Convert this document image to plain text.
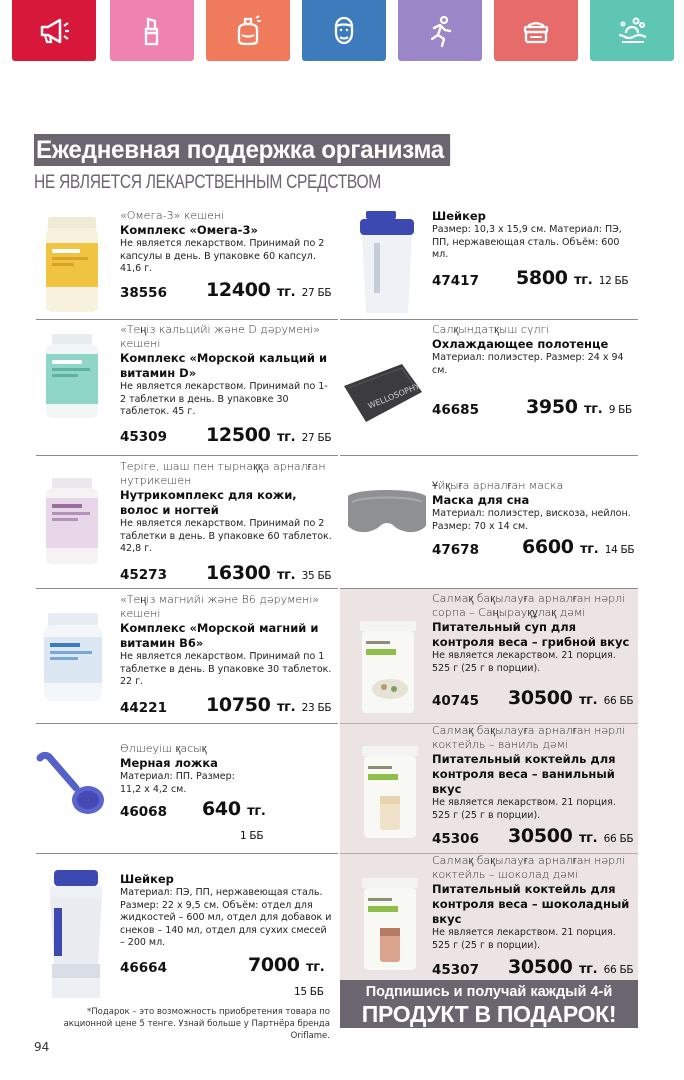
Ежедневная поддержка организма
НЕ ЯВЛЯЕТСЯ ЛЕКАРСТВЕННЫМ СРЕДСТВОМ
«Омега-3» кешені
Комплекс «Омега-3»
Не является лекарством. Принимай по 2 капсулы в день. В упаковке 60 капсул. 41,6 г.
38556 12400 тг. 27 ББ
«Теңіз кальцийі және D дәрумені» кешені
Комплекс «Морской кальций и витамин D»
Не является лекарством. Принимай по 1-2 таблетки в день. В упаковке 30 таблеток. 45 г.
45309 12500 тг. 27 ББ
Теріге, шаш пен тырнаққа арналған нутрикешен
Нутрикомплекс для кожи, волос и ногтей
Не является лекарством. Принимай по 2 таблетки в день. В упаковке 60 таблеток. 42,8 г.
45273 16300 тг. 35 ББ
«Теңіз магнийі және B6 дәрумені» кешені
Комплекс «Морской магний и витамин B6»
Не является лекарством. Принимай по 1 таблетке в день. В упаковке 30 таблеток. 22 г.
44221 10750 тг. 23 ББ
Өлшеуіш қасық
Мерная ложка
Материал: ПП. Размер: 11,2 x 4,2 см.
46068 640 тг.
1 ББ
Шейкер
Материал: ПЭ, ПП, нержавеющая сталь. Размер: 22 x 9,5 см. Объём: отдел для жидкостей – 600 мл, отдел для добавок и снеков – 140 мл, отдел для сухих смесей – 200 мл.
46664	7000 тг.
15 ББ
Шейкер
Размер: 10,3 x 15,9 см. Материал: ПЭ, ПП, нержавеющая сталь. Объём: 600 мл.
47417 5800 тг. 12 ББ
WELLOSOPHY
Салқындатқыш сүлгі
Охлаждающее полотенце
Материал: полиэстер. Размер: 24 x 94 см.
46685 3950 тг. 9 ББ
Ұйқыға арналған маска
Маска для сна
Материал: полиэстер, вискоза, нейлон. Размер: 70 x 14 см.
47678 6600 тг. 14 ББ
Салмақ бақылауға арналған нәрлі сорпа – Саңырауқұлақ дәмі
Питательный суп для контроля веса – грибной вкус
Не является лекарством. 21 порция. 525 г (25 г в порции).
40745 30500 тг. 66 ББ
Салмақ бақылауға арналған нәрлі коктейль – ваниль дәмі
Питательный коктейль для контроля веса – ванильный вкус
Не является лекарством. 21 порция. 525 г (25 г в порции).
45306 30500 тг. 66 ББ
Салмақ бақылауға арналған нәрлі коктейль – шоколад дәмі
Питательный коктейль для контроля веса – шоколадный вкус
Не является лекарством. 21 порция. 525 г (25 г в порции).
45307 30500 тг. 66 ББ
Подпишись и получай каждый 4-й
ПРОДУКТ В ПОДАРОК!
*Подарок – это возможность приобретения товара по акционной цене 5 тенге. Узнай больше у Партнёра бренда Oriflame.
94
